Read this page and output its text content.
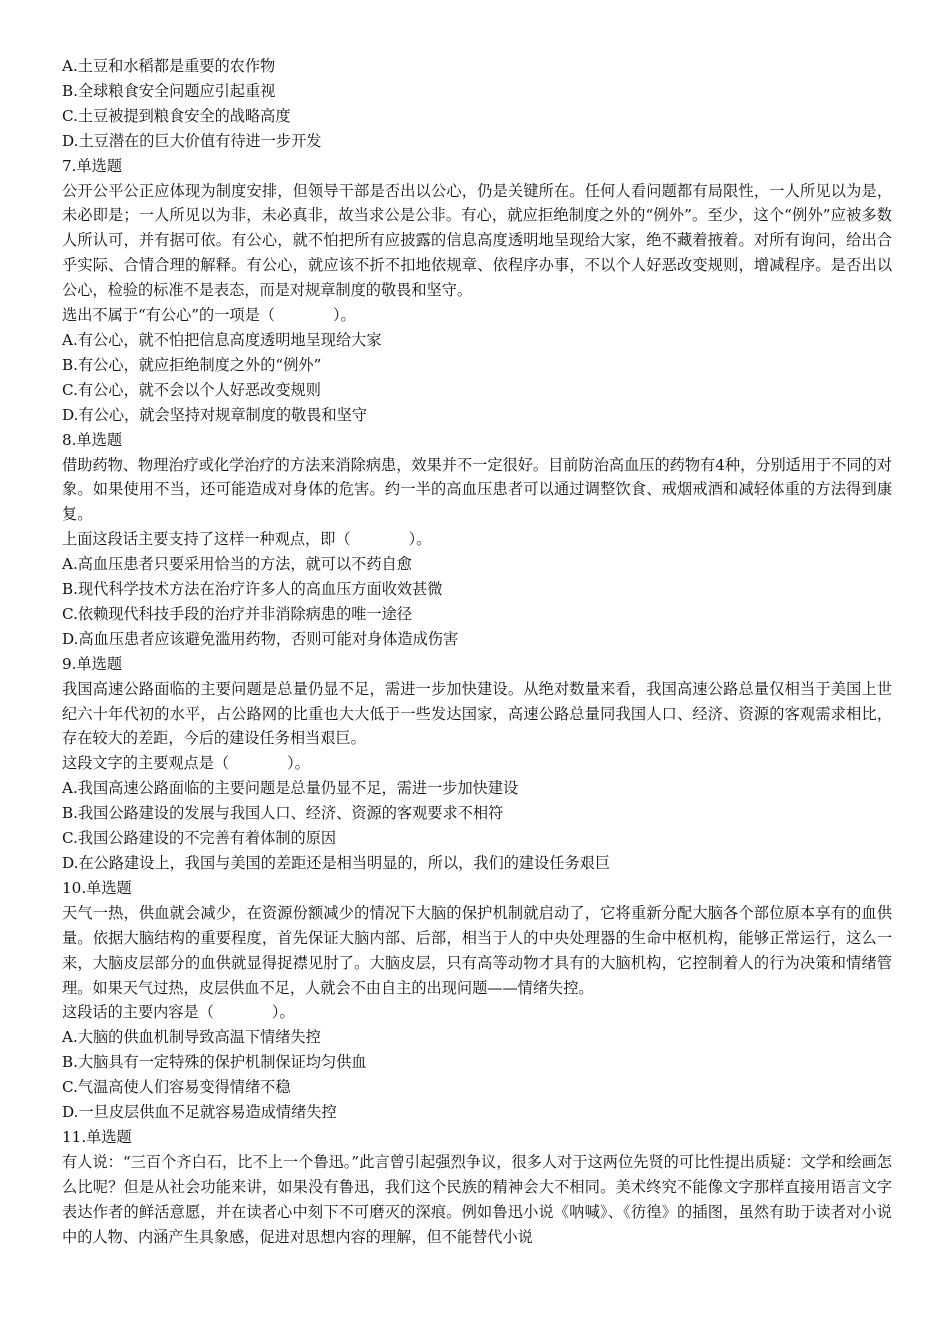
A.土豆和水稻都是重要的农作物
B.全球粮食安全问题应引起重视
C.土豆被提到粮食安全的战略高度
D.土豆潜在的巨大价值有待进一步开发
7.单选题
公开公平公正应体现为制度安排，但领导干部是否出以公心，仍是关键所在。任何人看问题都有局限性，一人所见以为是，未必即是；一人所见以为非，未必真非，故当求公是公非。有心，就应拒绝制度之外的“例外”。至少，这个“例外”应被多数人所认可，并有据可依。有公心，就不怕把所有应披露的信息高度透明地呈现给大家，绝不藏着掖着。对所有询问，给出合乎实际、合情合理的解释。有公心，就应该不折不扣地依规章、依程序办事，不以个人好恶改变规则，增减程序。是否出以公心，检验的标准不是表态，而是对规章制度的敬畏和坚守。
选出不属于“有公心”的一项是（	）。
A.有公心，就不怕把信息高度透明地呈现给大家
B.有公心，就应拒绝制度之外的“例外”
C.有公心，就不会以个人好恶改变规则
D.有公心，就会坚持对规章制度的敬畏和坚守
8.单选题
借助药物、物理治疗或化学治疗的方法来消除病患，效果并不一定很好。目前防治高血压的药物有4种，分别适用于不同的对象。如果使用不当，还可能造成对身体的危害。约一半的高血压患者可以通过调整饮食、戒烟戒酒和减轻体重的方法得到康复。
上面这段话主要支持了这样一种观点，即（	）。
A.高血压患者只要采用恰当的方法，就可以不药自愈
B.现代科学技术方法在治疗许多人的高血压方面收效甚微
C.依赖现代科技手段的治疗并非消除病患的唯一途径
D.高血压患者应该避免滥用药物，否则可能对身体造成伤害
9.单选题
我国高速公路面临的主要问题是总量仍显不足，需进一步加快建设。从绝对数量来看，我国高速公路总量仅相当于美国上世纪六十年代初的水平，占公路网的比重也大大低于一些发达国家，高速公路总量同我国人口、经济、资源的客观需求相比，存在较大的差距，今后的建设任务相当艰巨。
这段文字的主要观点是（	）。
A.我国高速公路面临的主要问题是总量仍显不足，需进一步加快建设
B.我国公路建设的发展与我国人口、经济、资源的客观要求不相符
C.我国公路建设的不完善有着体制的原因
D.在公路建设上，我国与美国的差距还是相当明显的，所以，我们的建设任务艰巨
10.单选题
天气一热，供血就会减少，在资源份额减少的情况下大脑的保护机制就启动了，它将重新分配大脑各个部位原本享有的血供量。依据大脑结构的重要程度，首先保证大脑内部、后部，相当于人的中央处理器的生命中枢机构，能够正常运行，这么一来，大脑皮层部分的血供就显得捉襟见肘了。大脑皮层，只有高等动物才具有的大脑机构，它控制着人的行为决策和情绪管理。如果天气过热，皮层供血不足，人就会不由自主的出现问题——情绪失控。
这段话的主要内容是（	）。
A.大脑的供血机制导致高温下情绪失控
B.大脑具有一定特殊的保护机制保证均匀供血
C.气温高使人们容易变得情绪不稳
D.一旦皮层供血不足就容易造成情绪失控
11.单选题
有人说：“三百个齐白石，比不上一个鲁迅。”此言曾引起强烈争议，很多人对于这两位先贤的可比性提出质疑：文学和绘画怎么比呢？但是从社会功能来讲，如果没有鲁迅，我们这个民族的精神会大不相同。美术终究不能像文字那样直接用语言文字表达作者的鲜活意愿，并在读者心中刻下不可磨灭的深痕。例如鲁迅小说《呐喊》、《彷徨》的插图，虽然有助于读者对小说中的人物、内涵产生具象感，促进对思想内容的理解，但不能替代小说
